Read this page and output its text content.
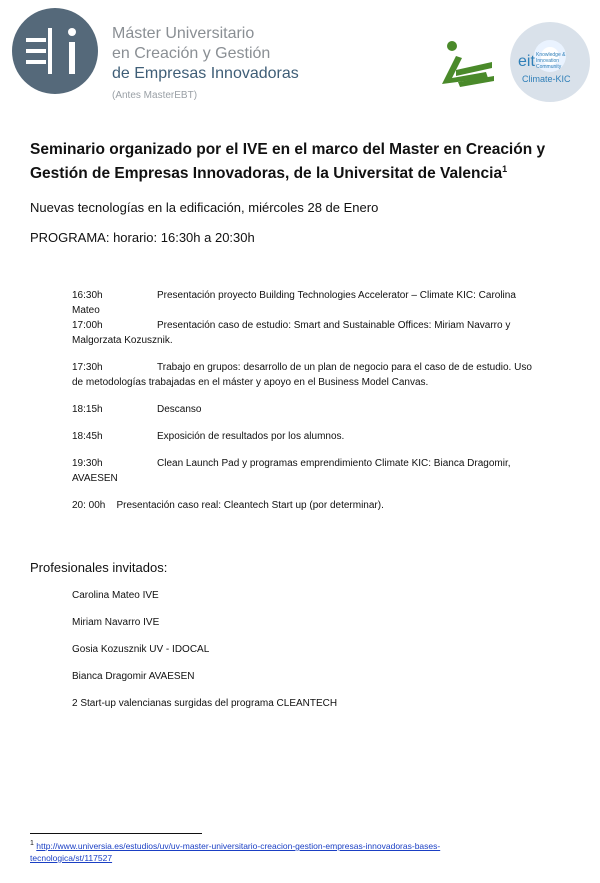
Máster Universitario
en Creación y Gestión
de Empresas Innovadoras
(Antes MasterEBT)
Knowledge &
Innovation
Community
eit
Climate-KIC
Seminario organizado por el IVE en el marco del Master en Creación y Gestión de Empresas Innovadoras, de la Universitat de Valencia$^1$
Nuevas tecnologías en la edificación, miércoles 28 de Enero
PROGRAMA: horario: 16:30h a 20:30h

16:30h	Presentación proyecto Building Technologies Accelerator – Climate KIC: Carolina Mateo

17:00h	Presentación caso de estudio: Smart and Sustainable Offices: Miriam Navarro y Malgorzata Kozusznik.

17:30h	Trabajo en grupos: desarrollo de un plan de negocio para el caso de de estudio. Uso de metodologías trabajadas en el máster y apoyo en el Business Model Canvas.

18:15h	Descanso

18:45h	Exposición de resultados por los alumnos.

19:30h	Clean Launch Pad y programas emprendimiento Climate KIC: Bianca Dragomir, AVAESEN

20: 00h Presentación caso real: Cleantech Start up (por determinar).

Profesionales invitados:
Carolina Mateo IVE
Miriam Navarro IVE
Gosia Kozusznik UV - IDOCAL
Bianca Dragomir AVAESEN
2 Start-up valencianas surgidas del programa CLEANTECH
$^1$ http://www.universia.es/estudios/uv/uv-master-universitario-creacion-gestion-empresas-innovadoras-bases-tecnologica/st/117527
